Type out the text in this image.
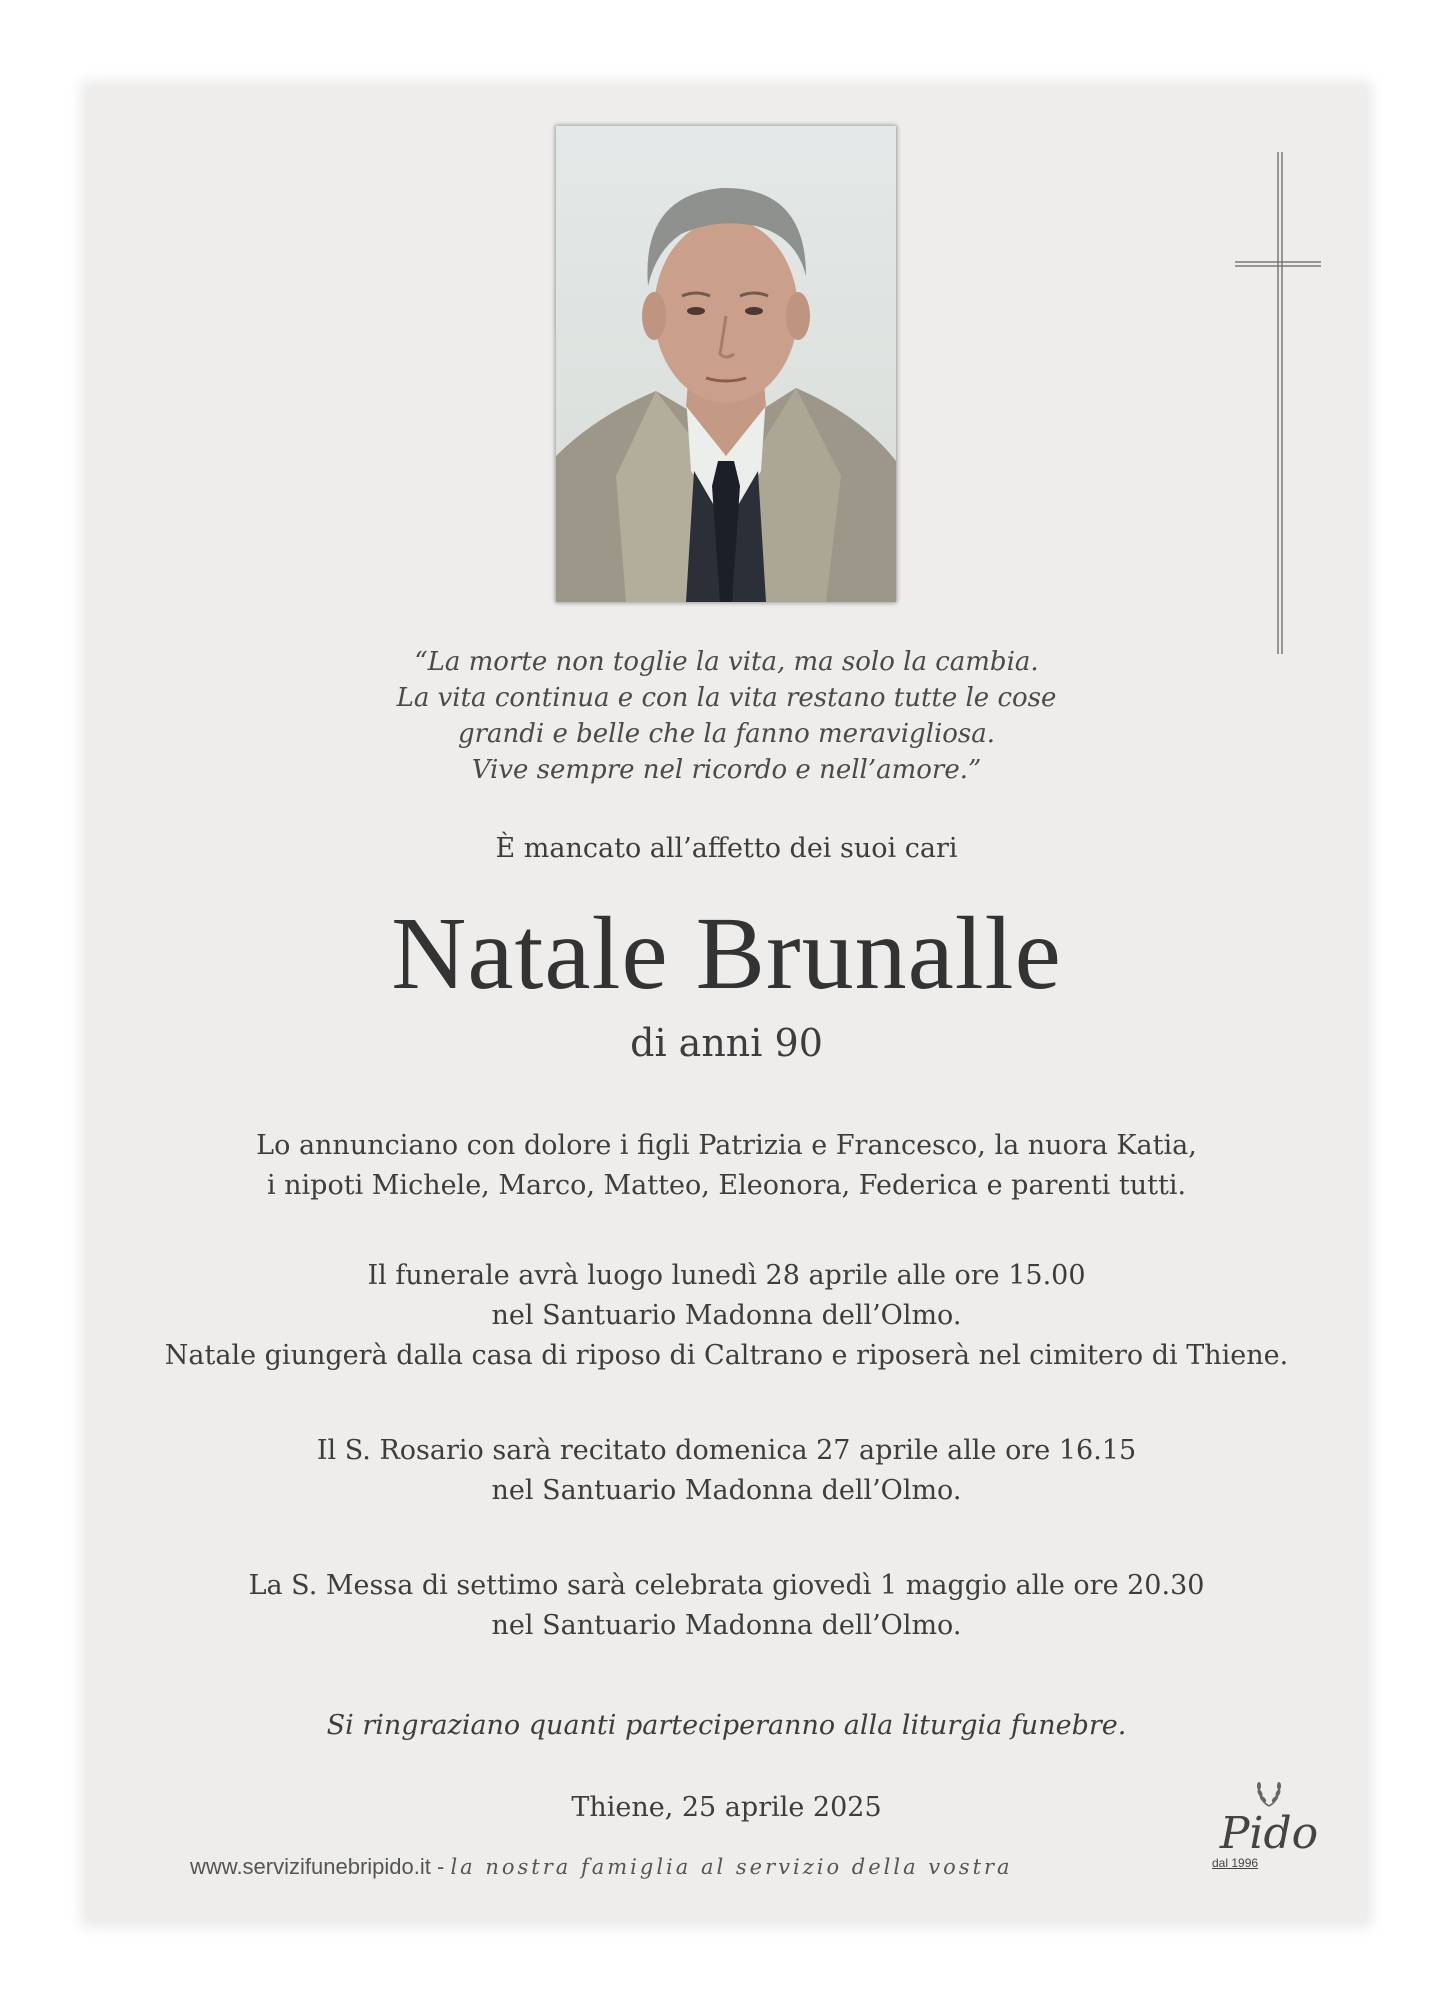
“La morte non toglie la vita, ma solo la cambia.
La vita continua e con la vita restano tutte le cose
grandi e belle che la fanno meravigliosa.
Vive sempre nel ricordo e nell’amore.”
È mancato all’affetto dei suoi cari
Natale Brunalle
di anni 90
Lo annunciano con dolore i figli Patrizia e Francesco, la nuora Katia,
i nipoti Michele, Marco, Matteo, Eleonora, Federica e parenti tutti.
Il funerale avrà luogo lunedì 28 aprile alle ore 15.00
nel Santuario Madonna dell’Olmo.
Natale giungerà dalla casa di riposo di Caltrano e riposerà nel cimitero di Thiene.
Il S. Rosario sarà recitato domenica 27 aprile alle ore 16.15
nel Santuario Madonna dell’Olmo.
La S. Messa di settimo sarà celebrata giovedì 1 maggio alle ore 20.30
nel Santuario Madonna dell’Olmo.
Si ringraziano quanti parteciperanno alla liturgia funebre.
Thiene, 25 aprile 2025
www.servizifunebripido.it - la nostra famiglia al servizio della vostra
Pido
dal 1996
